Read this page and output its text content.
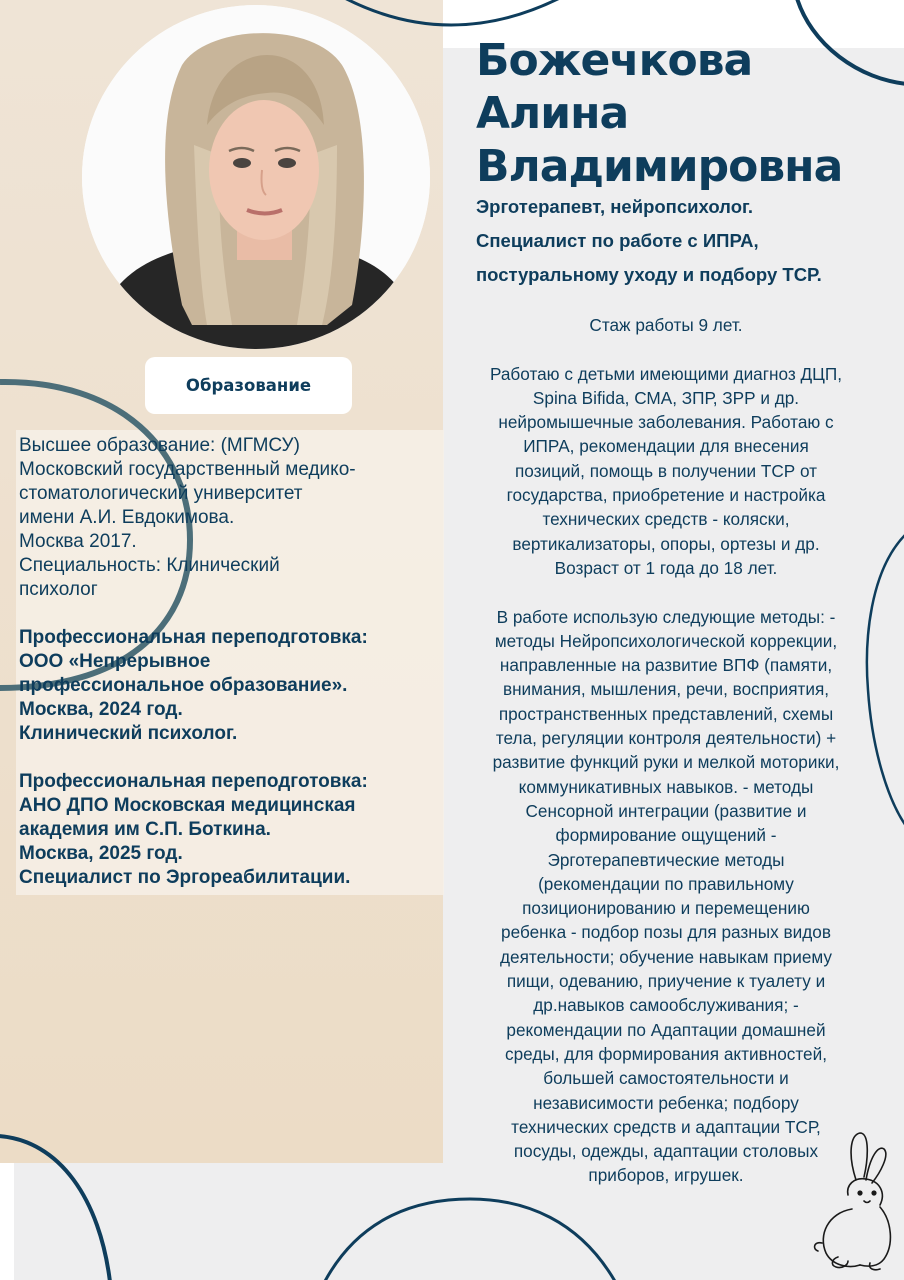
Божечкова
Алина
Владимировна

Эрготерапевт, нейропсихолог.
Специалист по работе с ИПРА,
постуральному уходу и подбору ТСР.

Образование

Высшее образование: (МГМСУ)

Московский государственный медико-

стоматологический университет

имени А.И. Евдокимова.

Москва 2017.

Специальность: Клинический

психолог

Профессиональная переподготовка:

ООО «Непрерывное

профессиональное образование».

Москва, 2024 год.

Клинический психолог.

Профессиональная переподготовка:

АНО ДПО Московская медицинская

академия им С.П. Боткина.

Москва, 2025 год.

Специалист по Эргореабилитации.

Стаж работы 9 лет.

Работаю с детьми имеющими диагноз ДЦП,

Spina Bifida, СМА, ЗПР, ЗРР и др.

нейромышечные заболевания. Работаю с

ИПРА, рекомендации для внесения

позиций, помощь в получении ТСР от

государства, приобретение и настройка

технических средств - коляски,

вертикализаторы, опоры, ортезы и др.

Возраст от 1 года до 18 лет.

В работе использую следующие методы: -

методы Нейропсихологической коррекции,

направленные на развитие ВПФ (памяти,

внимания, мышления, речи, восприятия,

пространственных представлений, схемы

тела, регуляции контроля деятельности) +

развитие функций руки и мелкой моторики,

коммуникативных навыков. - методы

Сенсорной интеграции (развитие и

формирование ощущений -

Эрготерапевтические методы

(рекомендации по правильному

позиционированию и перемещению

ребенка - подбор позы для разных видов

деятельности; обучение навыкам приему

пищи, одеванию, приучение к туалету и

др.навыков самообслуживания; -

рекомендации по Адаптации домашней

среды, для формирования активностей,

большей самостоятельности и

независимости ребенка; подбору

технических средств и адаптации ТСР,

посуды, одежды, адаптации столовых

приборов, игрушек.
